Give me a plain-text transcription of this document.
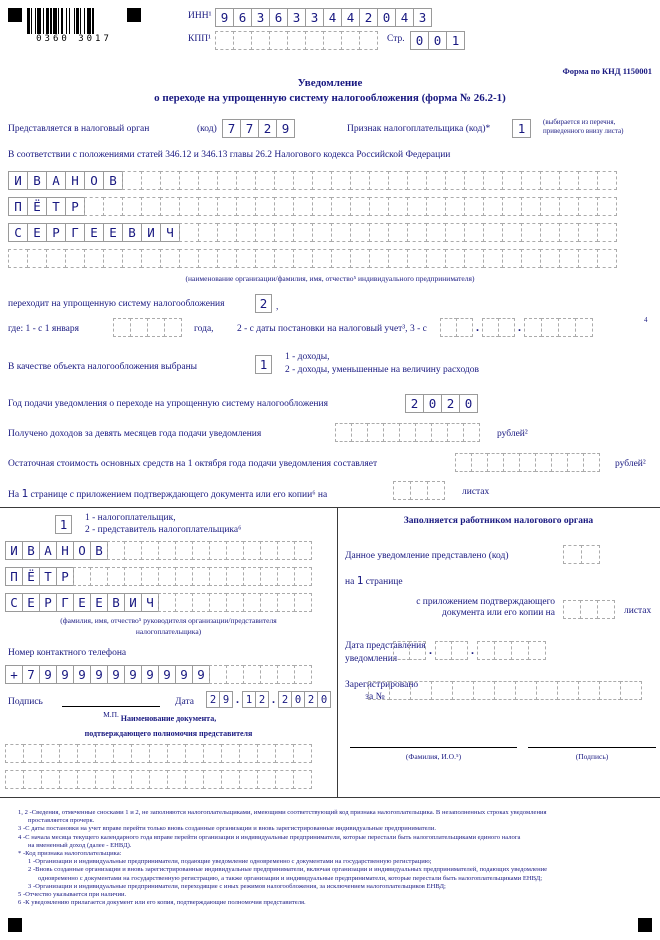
0360 3017
ИНН¹ 9 6 3 6 3 3 4 4 2 0 4 3
КПП¹	Стр. 0 0 1
Форма по КНД 1150001
Уведомление
о переходе на упрощенную систему налогообложения (форма № 26.2-1)
Представляется в налоговый орган	(код) 7 7 2 9	Признак налогоплательщика (код)*	1	(выбирается из перечня,
приведенного внизу листа)
В соответствии с положениями статей 346.12 и 346.13 главы 26.2 Налогового кодекса Российской Федерации
И В А Н О В
П Ё Т Р
С Е Р Г Е Е В И Ч
(наименование организации/фамилия, имя, отчество⁵ индивидуального предпринимателя)
переходит на упрощенную систему налогообложения	2 ,
где: 1 - с 1 января	года, 2 - с даты постановки на налоговый учет³, 3 - с	.	.	4
В качестве объекта налогообложения выбраны	1	1 - доходы,
2 - доходы, уменьшенные на величину расходов
Год подачи уведомления о переходе на упрощенную систему налогообложения	2 0 2 0
Получено доходов за девять месяцев года подачи уведомления	рублей²
Остаточная стоимость основных средств на 1 октября года подачи уведомления составляет	рублей²
На 1 странице с приложением подтверждающего документа или его копии⁶ на	листах
1	1 - налогоплательщик,
2 - представитель налогоплательщика⁶
И В А Н О В
П Ё Т Р
С Е Р Г Е Е В И Ч
(фамилия, имя, отчество⁵ руководителя организации/представителя
налогоплательщика)
Номер контактного телефона
+ 7 9 9 9 9 9 9 9 9 9 9
Подпись
М.П.
Дата	2 9 . 1 2 . 2 0 2 0
Наименование документа,
подтверждающего полномочия представителя
Заполняется работником налогового органа
Данное уведомление представлено (код)
на 1 странице
с приложением подтверждающего
документа или его копии на	листах
Дата представления
уведомления
.	.
Зарегистрировано
за №
(Фамилия, И.О.⁵)	(Подпись)
1, 2 -Сведения, отмеченные сносками 1 и 2, не заполняются налогоплательщиками, имеющими соответствующий код признака налогоплательщика. В незаполненных строках уведомления
проставляется прочерк.
3 -С даты постановки на учет вправе перейти только вновь созданные организации и вновь зарегистрированные индивидуальные предприниматели.
4 -С начала месяца текущего календарного года вправе перейти организации и индивидуальные предприниматели, которые перестали быть налогоплательщиками единого налога
на вмененный доход (далее - ЕНВД).
* -Код признака налогоплательщика:
1 -Организации и индивидуальные предприниматели, подающие уведомление одновременно с документами на государственную регистрацию;
2 -Вновь созданные организации и вновь зарегистрированные индивидуальные предприниматели, включая организации и индивидуальных предпринимателей, подающих уведомление
одновременно с документами на государственную регистрацию, а также организации и индивидуальные предприниматели, которые перестали быть налогоплательщиками ЕНВД;
3 -Организации и индивидуальные предприниматели, переходящие с иных режимов налогообложения, за исключением налогоплательщиков ЕНВД;
5 -Отчество указывается при наличии.
6 -К уведомлению прилагается документ или его копия, подтверждающие полномочия представителя.
